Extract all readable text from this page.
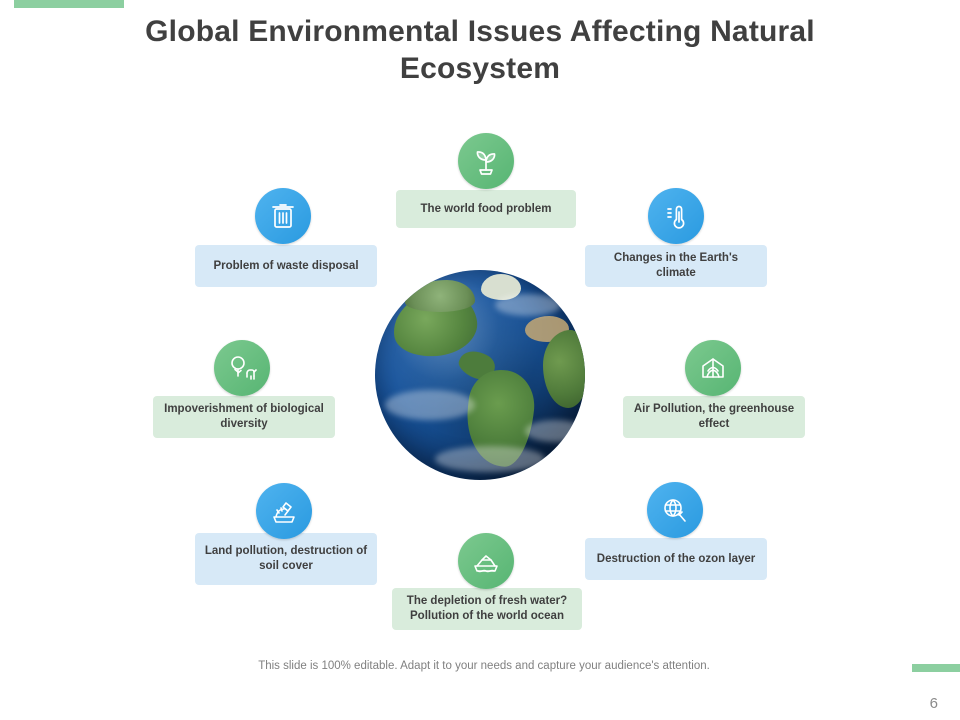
Global Environmental Issues Affecting Natural Ecosystem
The world food problem
Problem of waste disposal
Changes in the Earth's climate
Impoverishment of biological diversity
Air Pollution, the greenhouse effect
Land pollution, destruction of soil cover
Destruction of the ozon layer
The depletion of fresh water? Pollution of the world ocean
This slide is 100% editable. Adapt it to your needs and capture your audience's attention.
6
